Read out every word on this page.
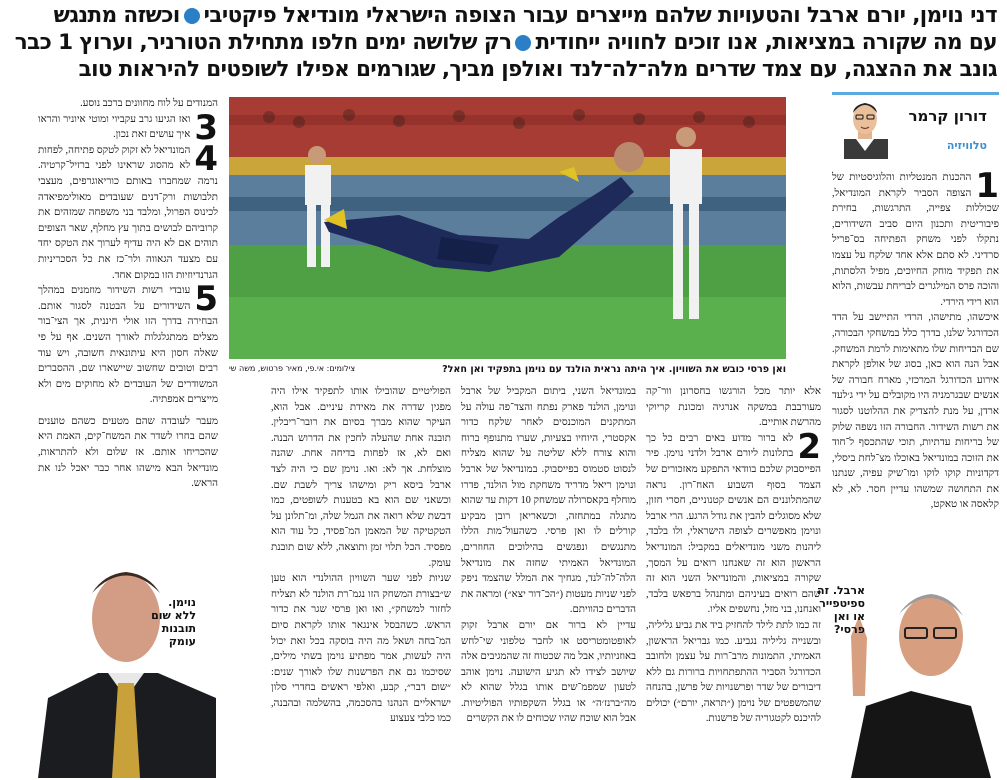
דני נוימן, יורם ארבל והטעויות שלהם מייצרים עבור הצופה הישראלי מונדיאל פיקטיביוכשזה מתנגש
עם מה שקורה במציאות, אנו זוכים לחוויה ייחודיתרק שלושה ימים חלפו מתחילת הטורניר, וערוץ 1 כבר
גונב את ההצגה, עם צמד שדרים מלה־לה־לנד ואולפן מביך, שגורמים אפילו לשופטים להיראות טוב
דורון קרמר
טלוויזיה

1
ההכנות המנטליות והלוגיסטיות של הצופה הסביר לקראת המונדיאל, שכוללות צפייה, התרגשות, בחירת פיבוריטית ותכנון היום סביב השידורים, נתקלו לפני משחק הפתיחה בס־פריל סרדיני. לא סתם אלא אחד שלקח על עצמו את תפקיד מוחק החיוכים, מפיל הלסתות, והוכה פרס המילגרים לבריחת עבשות, הלוא הוא רידי הירדי.

איכשהו, מתישהו, הרדי התיישב על הדד הכדורגל שלנו, בדרך כלל במשחקי הבכורה, שם הבדיחות שלו מתאימות לרמת המשחק. אבל הנה הוא כאן, בסוג של אולפן לקראת אירוע הכדורגל המרכזי, מארח חבורה של אנשים שבגרמניה היו מקובלים על ידי ג׳לעד ארדן, על מנת להצדיק את ההלוטנו לסגור את רשות השידור. החבורה הזו נשפה שלוק של בריחות עדתיות, תוכי שהתכסף ל־חוד את הזוכה במונדיאל באוכלו מצ־לחת ביסלי, דקדוניות קוקו לוקו ומו־שיק עפיה, שנתנו את התחושה שמשהו עדיין חסר. לא, לא קלאסה או טאקט,

אלא יותר מכל הורגשו בחסרונן וור־קה מעורבבת במשקה אנרגיה ומכונת קריוקי מהרשת אותיים.

2
לא ברור מדוע באים רבים כל כך בתלונות ליורם ארבל ולדני נוימן. פיר הפייסבוק שלכם בוודאי התפקע מאזכורים של הצמד בסוף השבוע האח־רון. נראה שהמתלוננים הם אנשים קטנוניים, חסרי חזון, שלא מסוגלים להבין את גודל הרגע. הרי ארבל ונוימן מאפשרים לצופה הישראלי, ולו בלבד, ליהנות משני מונדיאלים במקביל: המונדיאל הראשון הוא זה שאנחנו רואים על המסך, שקורה במציאות, והמונדיאל השני הוא זה שהם רואים בעיניהם ומתנהל ברפאש בלבד, ואנחנו, בני מזל, נחשפים אליו.

זה כמו לתת לילד להחזיק ביד את גביע גליליה, ובשנייה גליליה נגביע. כמו גבריאל הראשון, האמיתי, התמונות מרב־רות על עצמן ולחובב הכדורגל הסביר ההתפתחויות ברורות גם ללא דיבורים של שדר ופרשנויות של פרשן, בהנחה שהמשפטים של נוימן (״תראה, יורם״) יכולים להיכנס לקטגוריה של פרשנות.

במונדיאל השני, ביתום המקביל של ארבל ונוימן, הולנד פארק נפתח והצד־פה עולה על המתקנים המוכנסים לאחר שלקח כדור אקסטרי, היוחיו בצעיות, שערו מתנופף ברוח והוא צורח ללא שליטה על שהוא מצליח לנסוט סטמוס בפייסבוק. במונדיאל של ארבל ונוימן ריאל מדריד משחקת מול הולנד, פדרו מוחלף בקאסרולה שמשחק 10 דקות עד שהוא מתגלה במתחזה, וכשאריאן רובן מבקיע קורלים לו ואן פרסי. כשהעול־מות הללו מתנגשים ונפגשים בהילוכים החוזרים, המונדיאל האמיתי שחזה את מונדיאל הלה־לה־לנד, מגחיך את המלל שהצמד ניפק לפני שניות מעטות (״הכ־דור יצא״) ומראה את הדברים כהוויתם.

עדיין לא ברור אם יורם ארבל זקוק לאופטומטריסט או לחבר טלפוני שי־לחש באוזניותיו, אבל מה שכטוח זה שהמגיבים אלה שיושב לצידו לא תגיע הישועה. נוימן אוהב לטעון שמפמ־שים אותו בגלל שהוא לא מה״ברנז׳ה״ או בגלל השקפותיו הפוליטיות. אבל הוא שוכח שהיו שכוחים לו את הקשרים

הפוליטיים שהובילו אותו לתפקיד אילו היה מפגין שדרה את מאידת עיניים. אבל הוא, העיקר שהוא מברך בסיום את רובר־ריבלין. תובנה אחת שהעלה לחכין את הדרוש הבנה. ואם לא, אז לפחות בדיחה אחת. שהנה מוצלחת. אך לא: ואו. נוימן שם כי היה לצד ארבל ביסא ריק ומישהו צריך לשבת שם. וכשאני שם הוא בא בטענות לשופטים, כמו דבשת שלא רואה את הגמל שלה, ומ־תלונן על הטקטיקה של המאמן המ־פסיד, כל עוד הוא מפסיד. הכל תלוי זמן ותוצאה, ללא שום תובנת עומק.

שניות לפני שער השוויון ההולנדי הוא טען ש״בצורת המשחק הזו נגמ־רת הולנד לא תצליח לחזור למשחק״, ואו ואן פרסי שגר את כדור הראש. כשהבסל אינגאר אותו לקראת סיום המ־בחה ושאל מה היה בוסקה בכל זאת יכול היה לעשות, אמר מפתיע נוימן בשתי מילים, שסיכמו גם את הפרשנות שלו לאורך שנים: ״שום דבר״, קבע, ואלפי ראשים בחדרי סלון ישראליים הנהנו בהסכמה, בהשלמה ובהבנה, כמו כלבי צעצוע

המנודים על לוח מחוונים ברכב נוסע.

3
ואז הגיעו גרב עקביוי ומוטי איוניר והראו איך עושים זאת נכון.

4
המונדיאל לא זקוק לטקס פתיחה, לפחות לא מהסוג שראינו לפני ברזיל־קרטיה. נרמה שמחברו באותם כוריאוגרפים, מעצבי תלבושות ורק־דנים שעובדים מאולימפיאדה לכינוס הפרול, ומלבד בני משפחה שמזהים את קרוביהם לבושים בתוך עץ מחלף, שאר הצופים תוהים אם לא היה עדיף לערוך את הטקס יחד עם מצעד הגאווה ולר־כז את כל הסכריניות הגרנדיוזיות הזו במקום אחד.

5
עובדי רשות השידור מוזמנים במהלך השידורים על הבטנה לסגור אותם. הבחירה בדרך הזו אולי חיננית, אך הצי־בור מצלים ממתגלגלות לאורך השנים. אף על פי שאלה חסון היא עיתונאית חשובה, ויש עוד רבים וטובים שחשוב שיישארו שם, ההסברים המשודרים של העובדים לא מחוקים מים ולא מייצרים אמפתיה.

מעבר לעובדה שהם מטעים כשהם טוענים שהם בחרו לשדר את המשח־קים, האמת היא שהכריחו אותם. אז שלום ולא להתראות, מונדיאל הבא מישהו אחר כבר יאכל לנו את הראש.

ואן פרסי כובש את השוויון. איך היתה נראית הולנד עם נוימן בתפקיד ואן חאל?
צילומים: אי.פי, מאיר פרטוש, משה שי
ארבל. זה ספיטפייר או ואן פרסי?
נוימן. ללא שום תובנות עומק
